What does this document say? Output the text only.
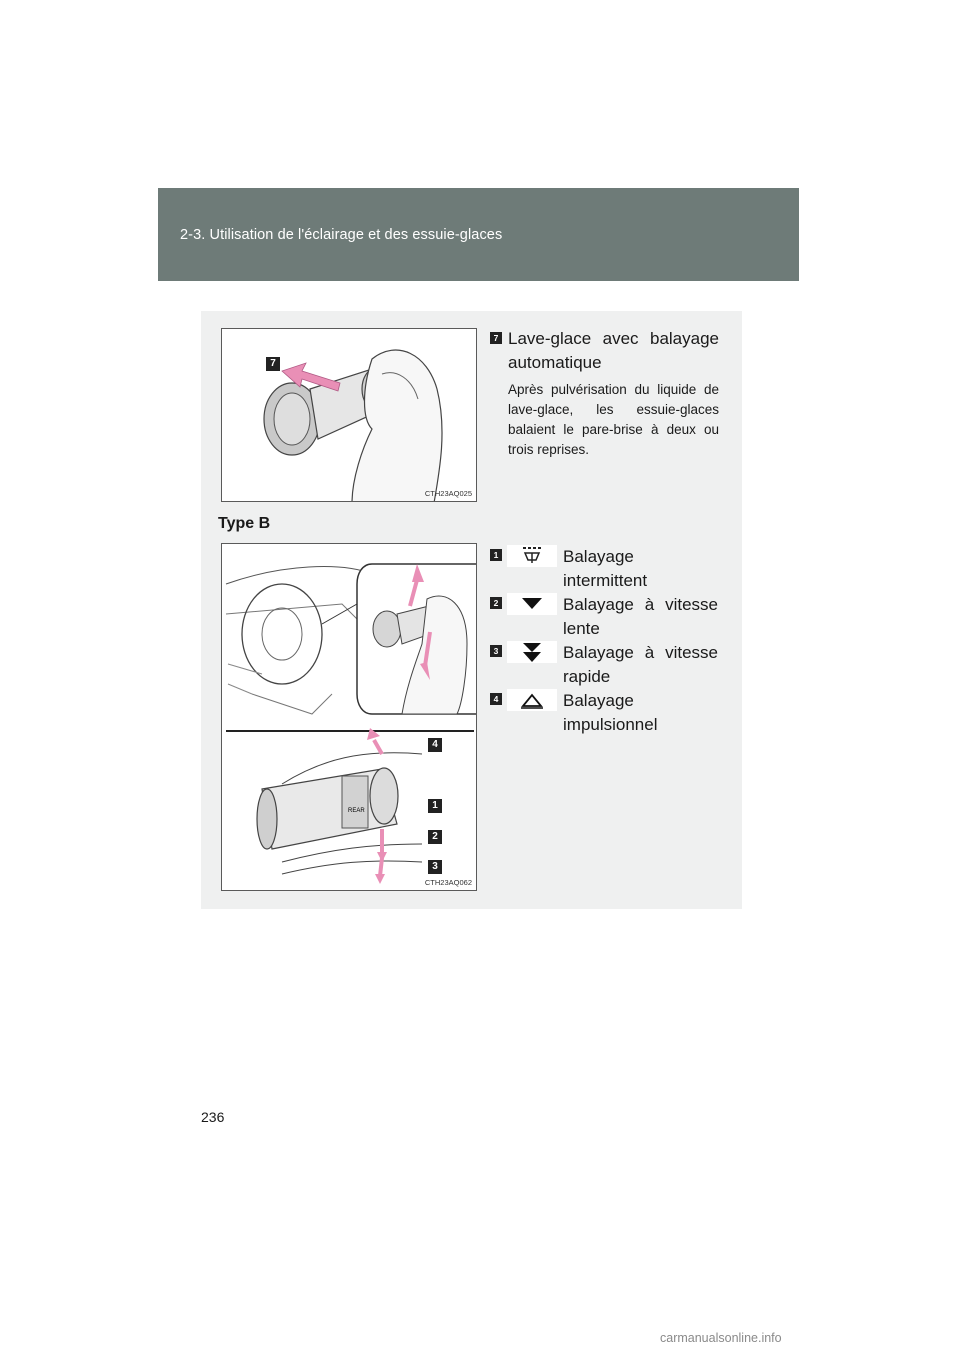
2-3. Utilisation de l'éclairage et des essuie-glaces
7
CTH23AQ025
7 Lave-glace avec balayage automatique
Après pulvérisation du liquide de lave-glace, les essuie-glaces balaient le pare-brise à deux ou trois reprises.
Type B
REAR
4
1
2
3
CTH23AQ062
1	Balayage intermittent
2	Balayage à vitesse lente
3	Balayage à vitesse rapide
4	Balayage impulsionnel
236
carmanualsonline.info
